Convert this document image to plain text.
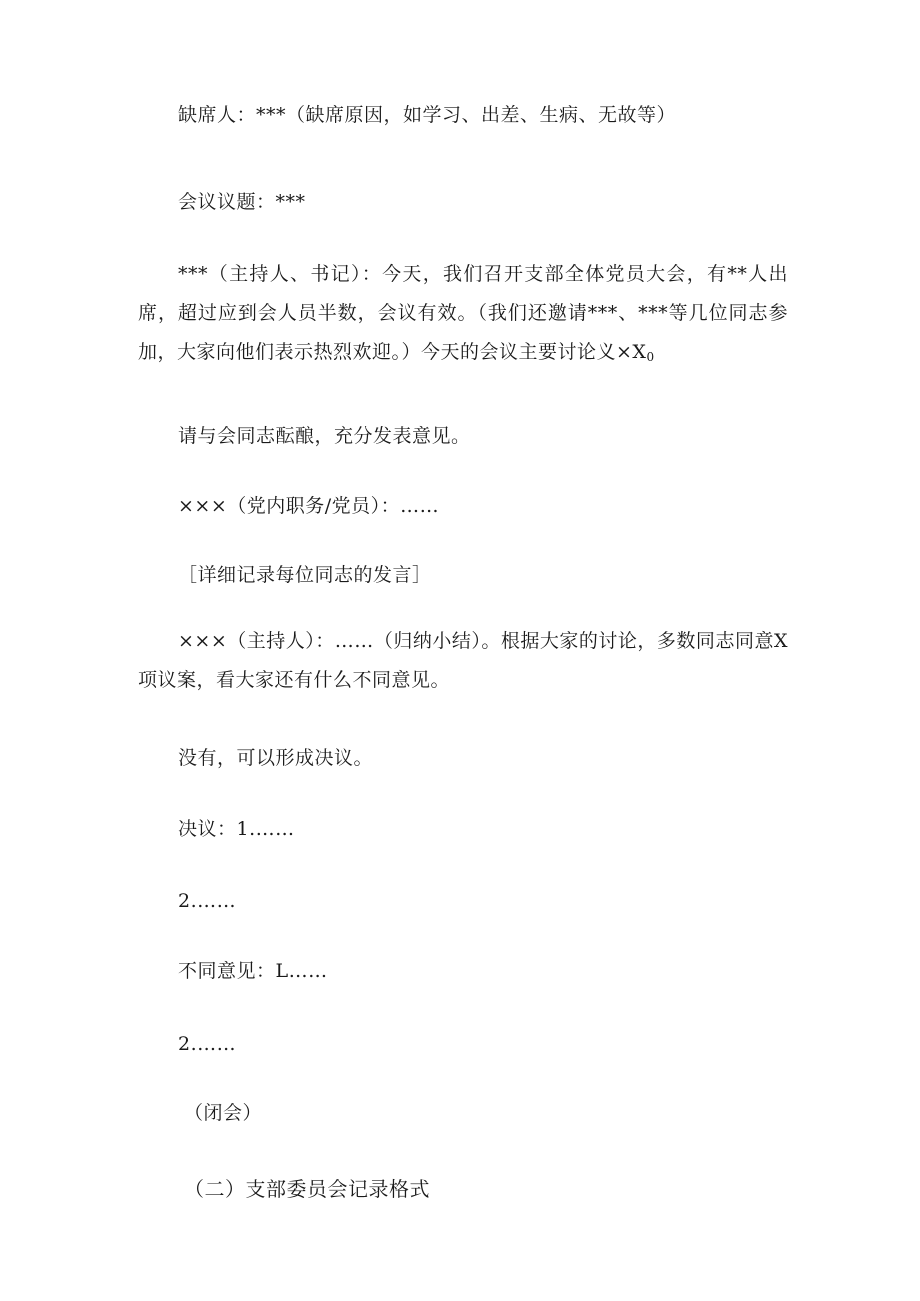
缺席人：***（缺席原因，如学习、出差、生病、无故等）
会议议题：***
***（主持人、书记）：今天，我们召开支部全体党员大会，有**人出席，超过应到会人员半数，会议有效。（我们还邀请***、***等几位同志参加，大家向他们表示热烈欢迎。）今天的会议主要讨论义$\times X_0$
请与会同志酝酿，充分发表意见。
×××（党内职务/党员）：……
［详细记录每位同志的发言］
×××（主持人）：……（归纳小结）。根据大家的讨论，多数同志同意X项议案，看大家还有什么不同意见。
没有，可以形成决议。
决议：1.……
2.……
不同意见：L……
2.……
（闭会）
（二）支部委员会记录格式
